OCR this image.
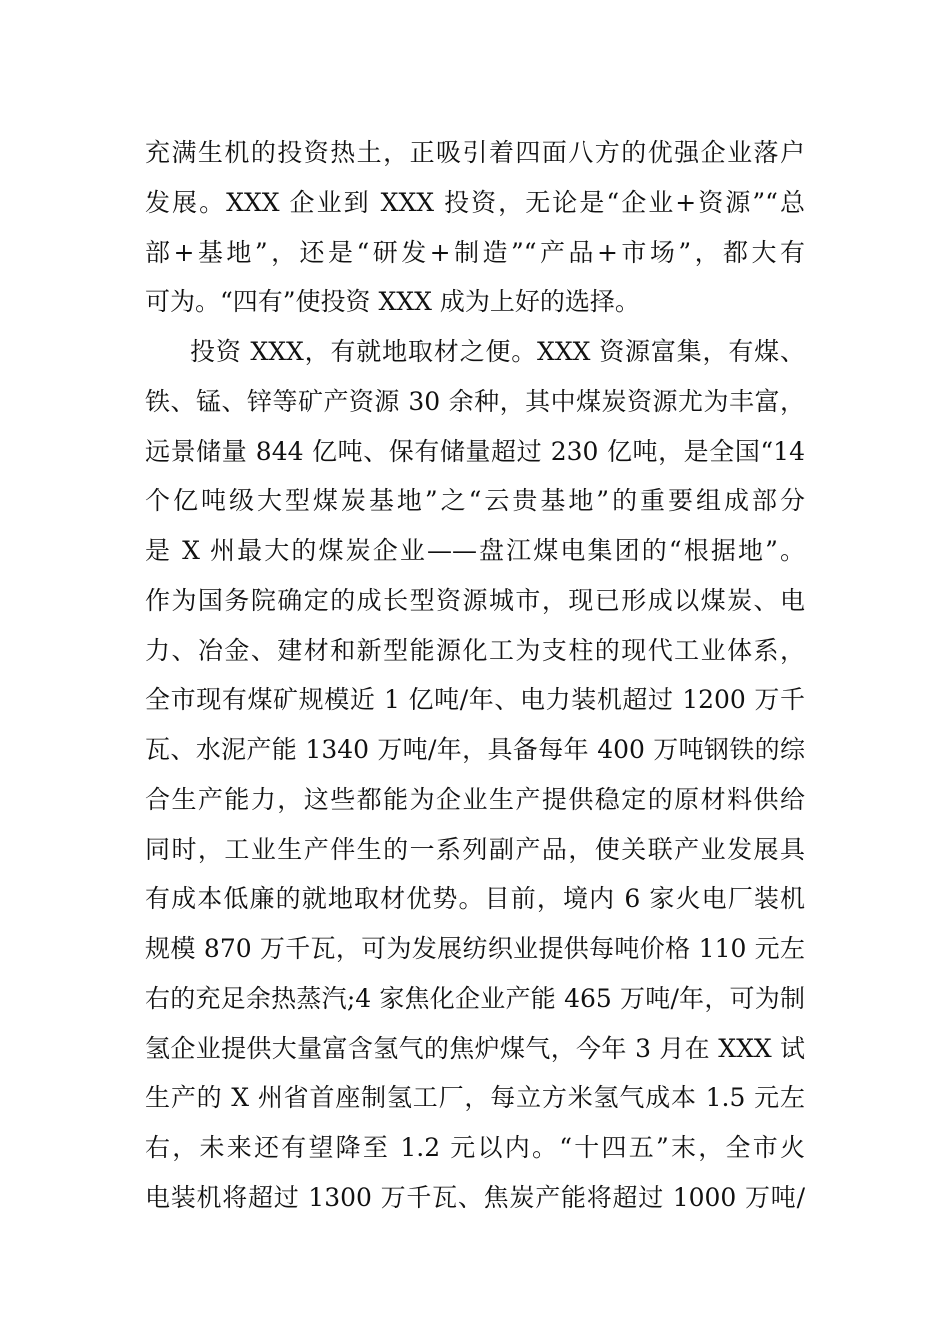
充满生机的投资热土，正吸引着四面八方的优强企业落户
发展。XXX 企业到 XXX 投资，无论是“企业+资源”“总
部+基地”，还是“研发+制造”“产品+市场”，都大有
可为。“四有”使投资 XXX 成为上好的选择。
投资 XXX，有就地取材之便。XXX 资源富集，有煤、
铁、锰、锌等矿产资源 30 余种，其中煤炭资源尤为丰富，
远景储量 844 亿吨、保有储量超过 230 亿吨，是全国“14
个亿吨级大型煤炭基地”之“云贵基地”的重要组成部分
是 X 州最大的煤炭企业——盘江煤电集团的“根据地”。
作为国务院确定的成长型资源城市，现已形成以煤炭、电
力、冶金、建材和新型能源化工为支柱的现代工业体系，
全市现有煤矿规模近 1 亿吨/年、电力装机超过 1200 万千
瓦、水泥产能 1340 万吨/年，具备每年 400 万吨钢铁的综
合生产能力，这些都能为企业生产提供稳定的原材料供给
同时，工业生产伴生的一系列副产品，使关联产业发展具
有成本低廉的就地取材优势。目前，境内 6 家火电厂装机
规模 870 万千瓦，可为发展纺织业提供每吨价格 110 元左
右的充足余热蒸汽;4 家焦化企业产能 465 万吨/年，可为制
氢企业提供大量富含氢气的焦炉煤气，今年 3 月在 XXX 试
生产的 X 州省首座制氢工厂，每立方米氢气成本 1.5 元左
右，未来还有望降至 1.2 元以内。“十四五”末，全市火
电装机将超过 1300 万千瓦、焦炭产能将超过 1000 万吨/
